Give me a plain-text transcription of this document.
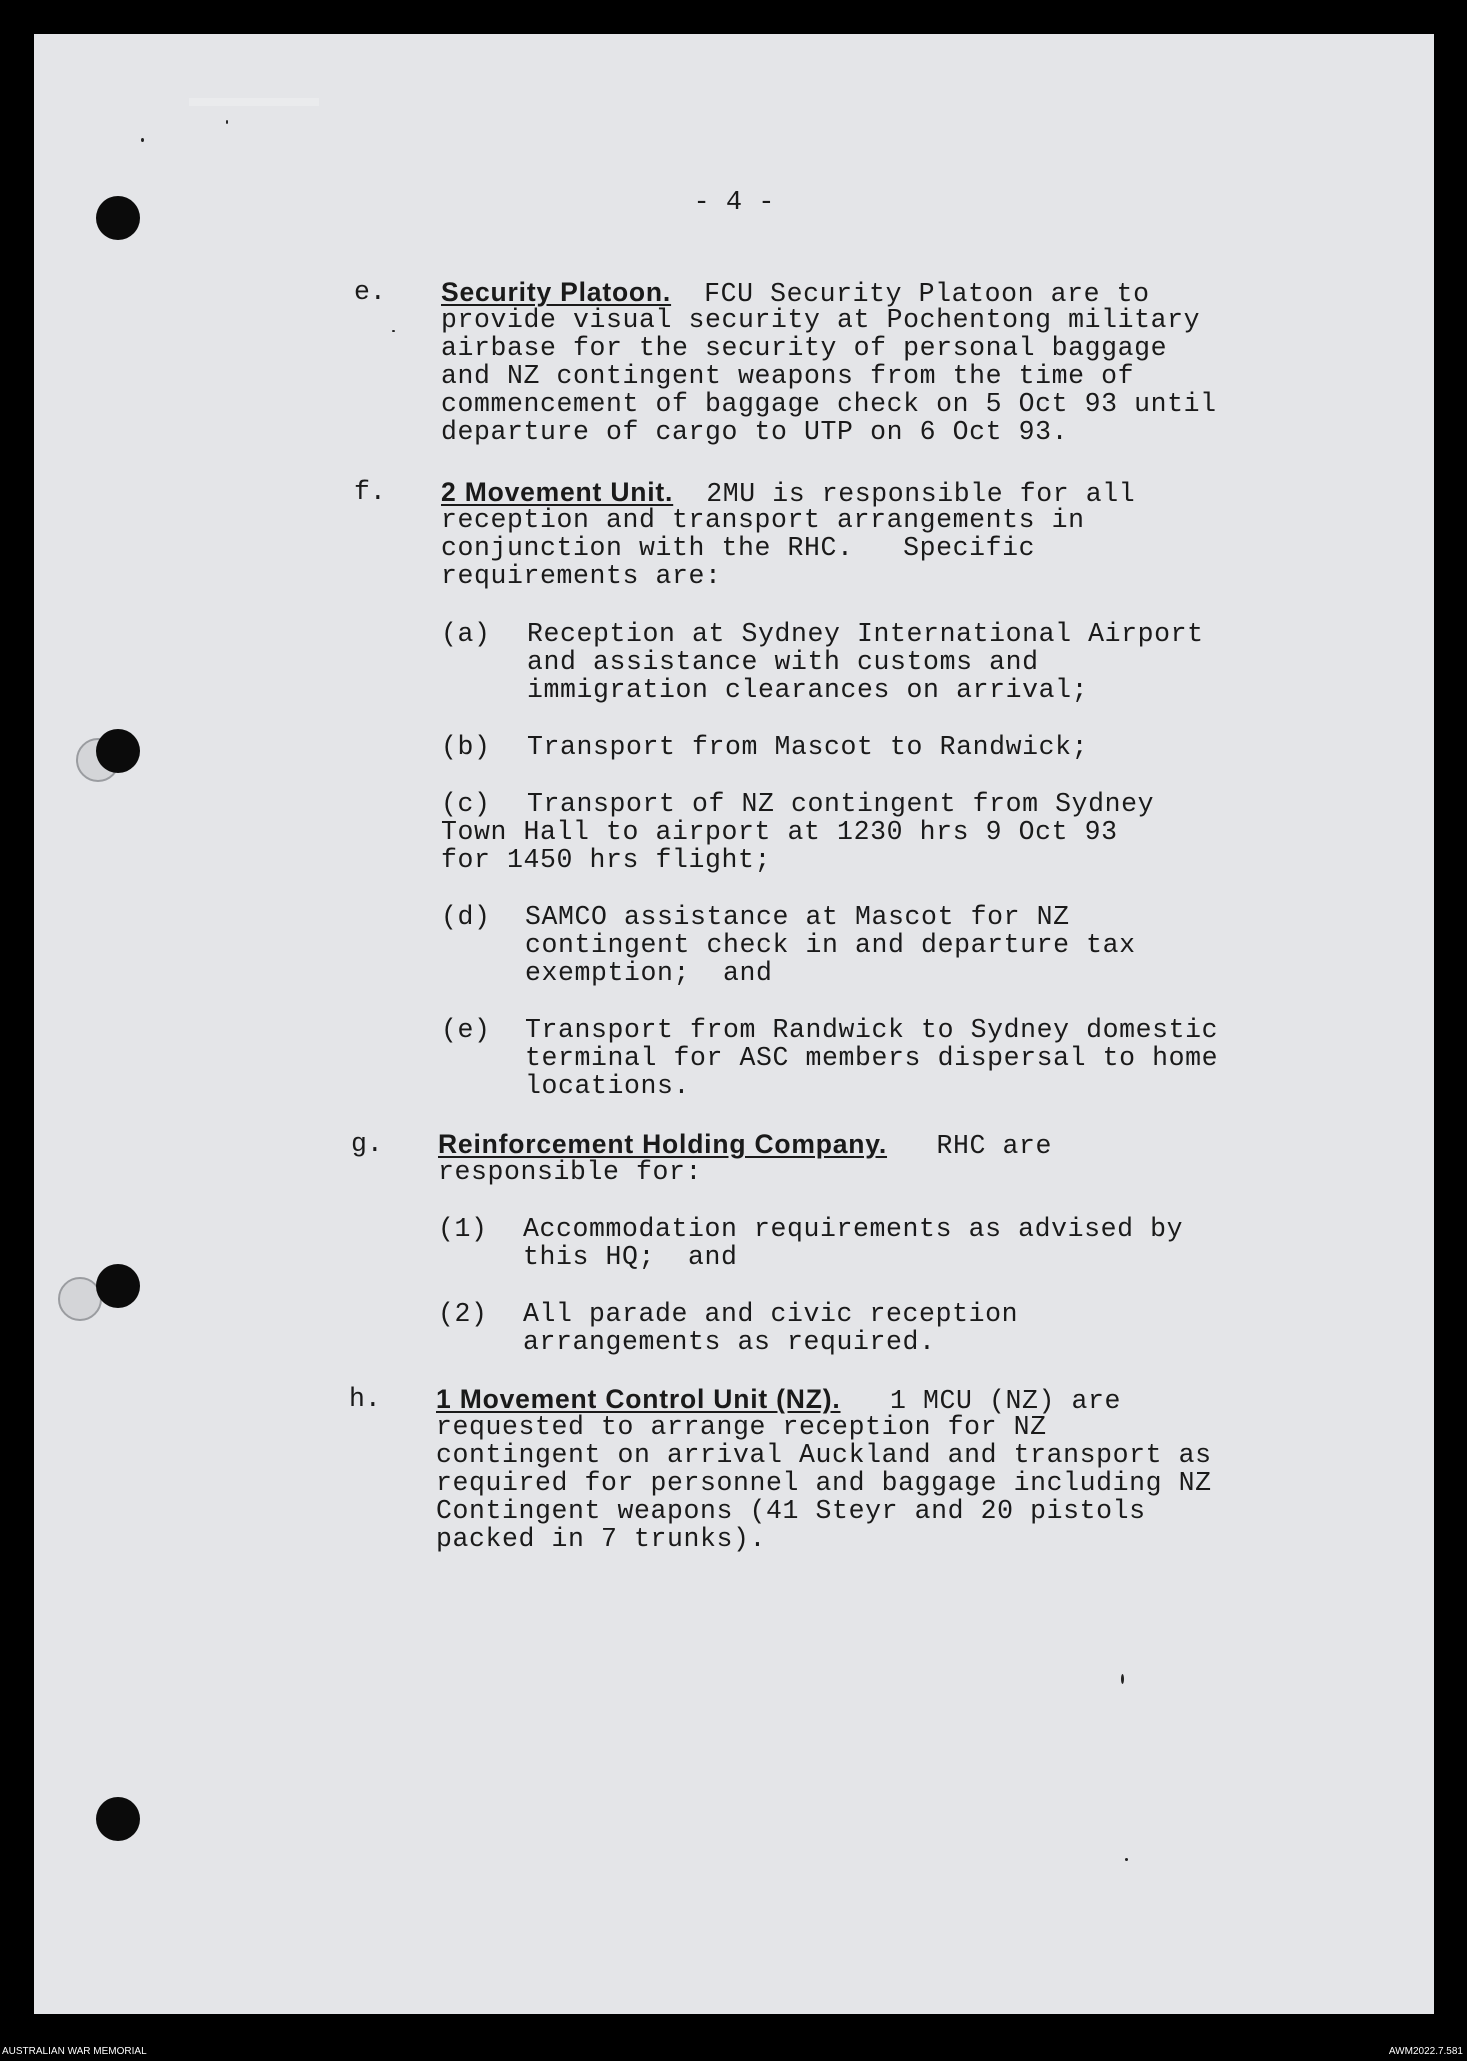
- 4 -
e. Security Platoon.  FCU Security Platoon are to
provide visual security at Pochentong military
airbase for the security of personal baggage
and NZ contingent weapons from the time of
commencement of baggage check on 5 Oct 93 until
departure of cargo to UTP on 6 Oct 93.
f. 2 Movement Unit.  2MU is responsible for all
reception and transport arrangements in
conjunction with the RHC.   Specific
requirements are:
(a) Reception at Sydney International Airport
and assistance with customs and
immigration clearances on arrival;
(b) Transport from Mascot to Randwick;
(c) Transport of NZ contingent from Sydney
Town Hall to airport at 1230 hrs 9 Oct 93
for 1450 hrs flight;
(d) SAMCO assistance at Mascot for NZ
contingent check in and departure tax
exemption;  and
(e) Transport from Randwick to Sydney domestic
terminal for ASC members dispersal to home
locations.
g. Reinforcement Holding Company.   RHC are
responsible for:
(1) Accommodation requirements as advised by
this HQ;  and
(2) All parade and civic reception
arrangements as required.
h. 1 Movement Control Unit (NZ).   1 MCU (NZ) are
requested to arrange reception for NZ
contingent on arrival Auckland and transport as
required for personnel and baggage including NZ
Contingent weapons (41 Steyr and 20 pistols
packed in 7 trunks).
AUSTRALIAN WAR MEMORIAL	AWM2022.7.581
